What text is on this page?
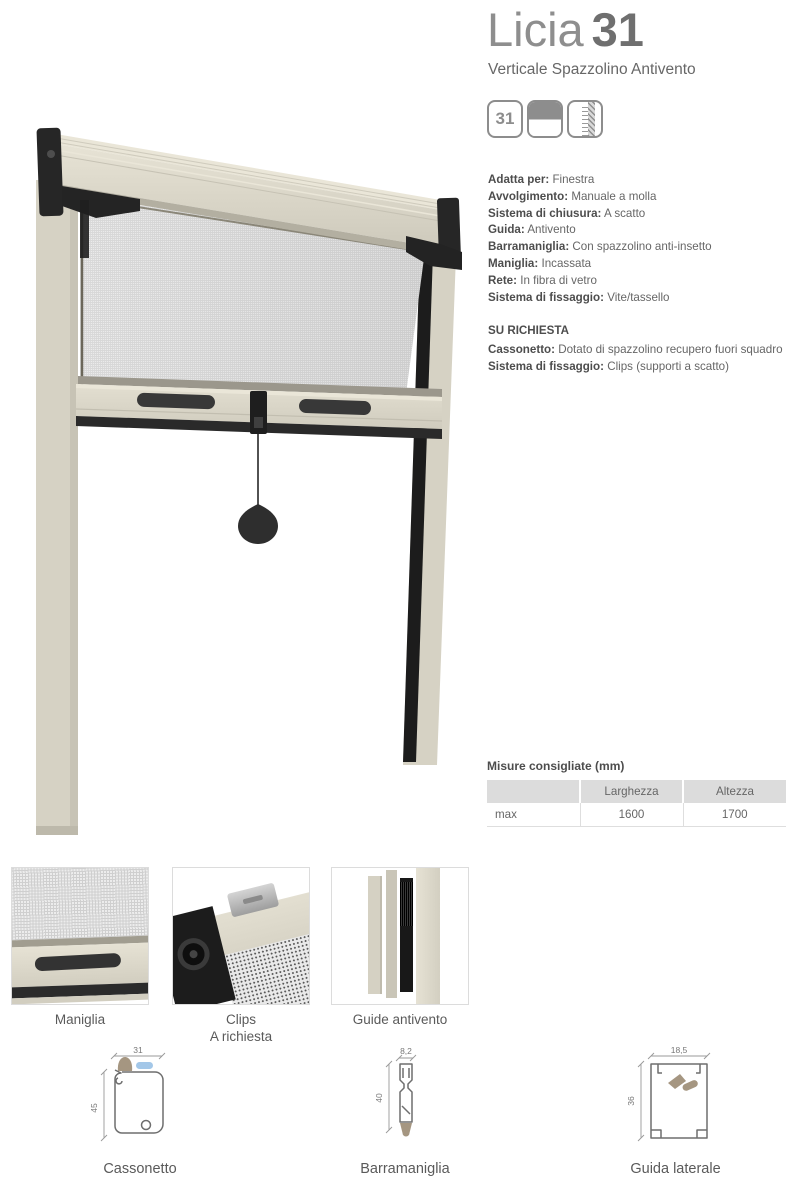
Licia 31
Verticale Spazzolino Antivento
31
Adatta per: Finestra
Avvolgimento: Manuale a molla
Sistema di chiusura: A scatto
Guida: Antivento
Barramaniglia: Con spazzolino anti-insetto
Maniglia: Incassata
Rete: In fibra di vetro
Sistema di fissaggio: Vite/tassello
SU RICHIESTA
Cassonetto: Dotato di spazzolino recupero fuori squadro
Sistema di fissaggio: Clips (supporti a scatto)
Misure consigliate (mm)
	Larghezza	Altezza
max	1600	1700
Maniglia	Clips
A richiesta
Guide antivento
31
45
Cassonetto
8,2
40
Barramaniglia
18,5
36
Guida laterale
